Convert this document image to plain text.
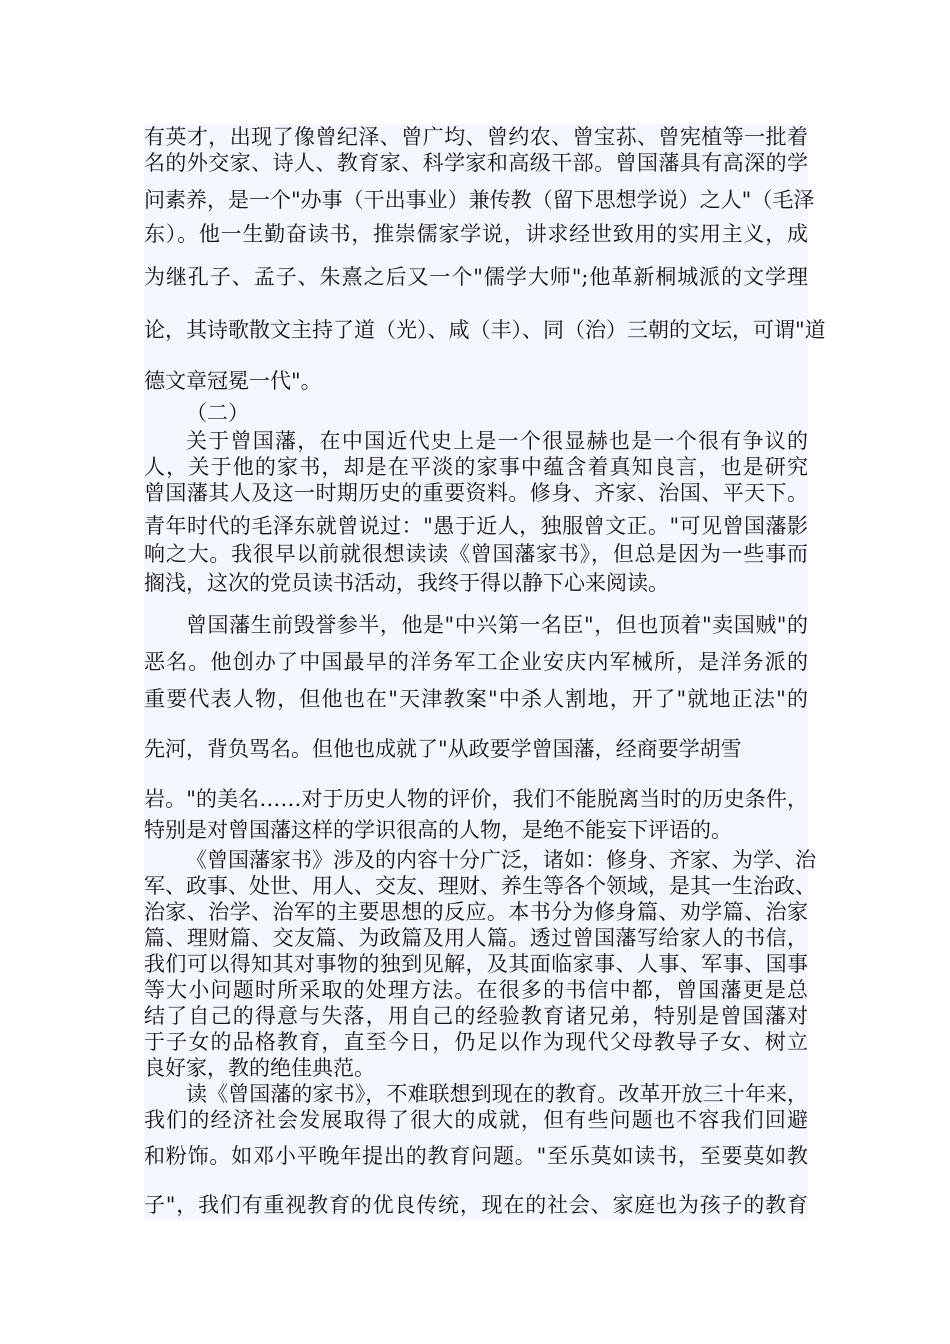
有英才，出现了像曾纪泽、曾广均、曾约农、曾宝荪、曾宪植等一批着
名的外交家、诗人、教育家、科学家和高级干部。曾国藩具有高深的学
问素养，是一个"办事（干出事业）兼传教（留下思想学说）之人"（毛泽
东）。他一生勤奋读书，推崇儒家学说，讲求经世致用的实用主义，成
为继孔子、孟子、朱熹之后又一个"儒学大师";他革新桐城派的文学理
论，其诗歌散文主持了道（光）、咸（丰）、同（治）三朝的文坛，可谓"道
德文章冠冕一代"。
（二）
关于曾国藩，在中国近代史上是一个很显赫也是一个很有争议的
人，关于他的家书，却是在平淡的家事中蕴含着真知良言，也是研究
曾国藩其人及这一时期历史的重要资料。修身、齐家、治国、平天下。
青年时代的毛泽东就曾说过："愚于近人，独服曾文正。"可见曾国藩影
响之大。我很早以前就很想读读《曾国藩家书》，但总是因为一些事而
搁浅，这次的党员读书活动，我终于得以静下心来阅读。
曾国藩生前毁誉参半，他是"中兴第一名臣"，但也顶着"卖国贼"的
恶名。他创办了中国最早的洋务军工企业安庆内军械所，是洋务派的
重要代表人物，但他也在"天津教案"中杀人割地，开了"就地正法"的
先河，背负骂名。但他也成就了"从政要学曾国藩，经商要学胡雪
岩。"的美名……对于历史人物的评价，我们不能脱离当时的历史条件，
特别是对曾国藩这样的学识很高的人物，是绝不能妄下评语的。
《曾国藩家书》涉及的内容十分广泛，诸如：修身、齐家、为学、治
军、政事、处世、用人、交友、理财、养生等各个领域，是其一生治政、
治家、治学、治军的主要思想的反应。本书分为修身篇、劝学篇、治家
篇、理财篇、交友篇、为政篇及用人篇。透过曾国藩写给家人的书信，
我们可以得知其对事物的独到见解，及其面临家事、人事、军事、国事
等大小问题时所采取的处理方法。在很多的书信中都，曾国藩更是总
结了自己的得意与失落，用自己的经验教育诸兄弟，特别是曾国藩对
于子女的品格教育，直至今日，仍足以作为现代父母教导子女、树立
良好家，教的绝佳典范。
读《曾国藩的家书》，不难联想到现在的教育。改革开放三十年来，
我们的经济社会发展取得了很大的成就，但有些问题也不容我们回避
和粉饰。如邓小平晚年提出的教育问题。"至乐莫如读书，至要莫如教
子"，我们有重视教育的优良传统，现在的社会、家庭也为孩子的教育
